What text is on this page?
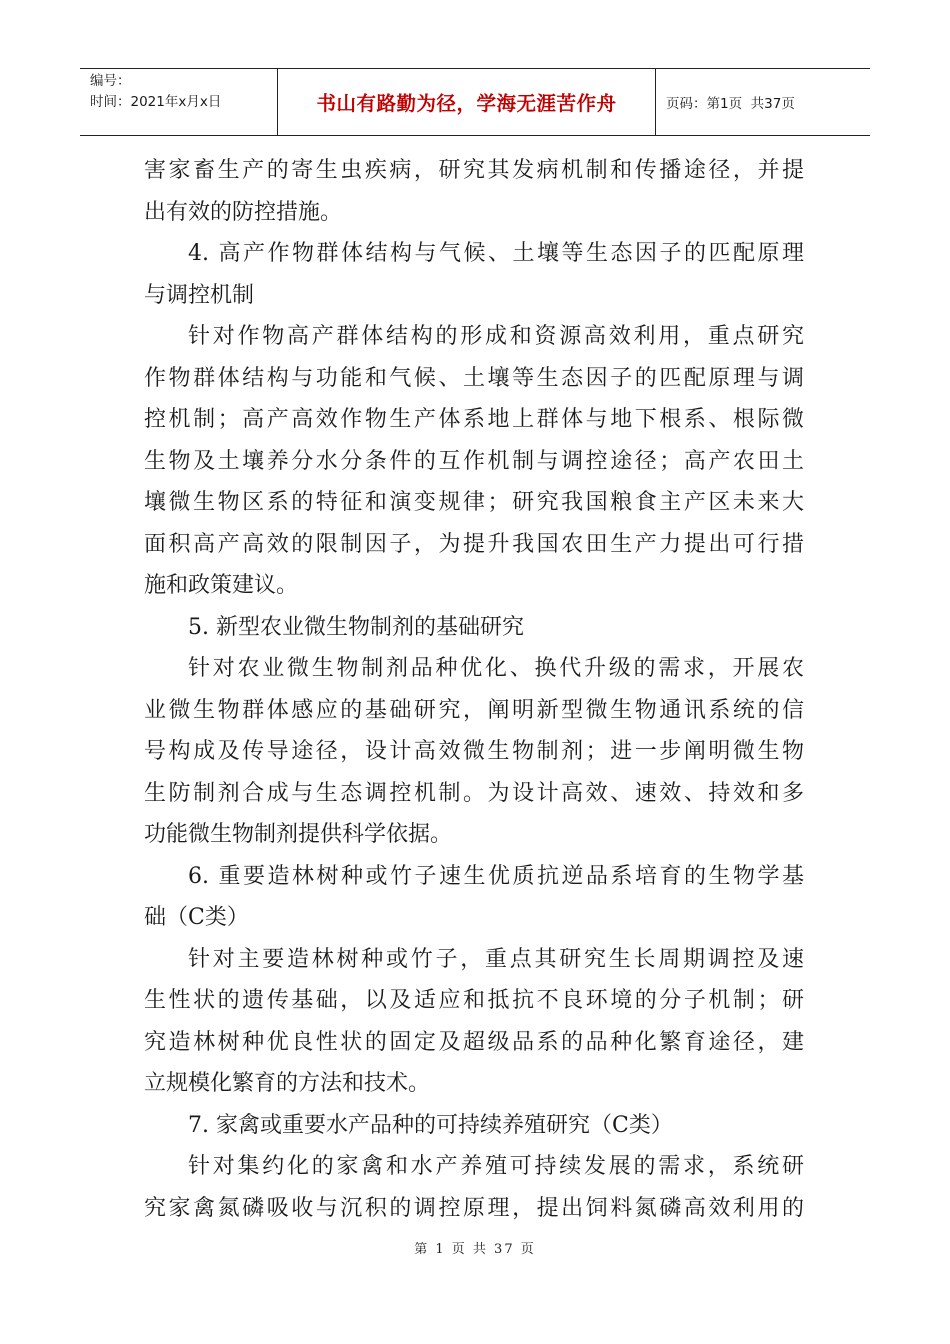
编号：
时间：2021年x月x日	书山有路勤为径，学海无涯苦作舟	页码：第1页  共37页
害家畜生产的寄生虫疾病，研究其发病机制和传播途径，并提
出有效的防控措施。
4. 高产作物群体结构与气候、土壤等生态因子的匹配原理
与调控机制
针对作物高产群体结构的形成和资源高效利用，重点研究
作物群体结构与功能和气候、土壤等生态因子的匹配原理与调
控机制；高产高效作物生产体系地上群体与地下根系、根际微
生物及土壤养分水分条件的互作机制与调控途径；高产农田土
壤微生物区系的特征和演变规律；研究我国粮食主产区未来大
面积高产高效的限制因子，为提升我国农田生产力提出可行措
施和政策建议。
5. 新型农业微生物制剂的基础研究
针对农业微生物制剂品种优化、换代升级的需求，开展农
业微生物群体感应的基础研究，阐明新型微生物通讯系统的信
号构成及传导途径，设计高效微生物制剂；进一步阐明微生物
生防制剂合成与生态调控机制。为设计高效、速效、持效和多
功能微生物制剂提供科学依据。
6. 重要造林树种或竹子速生优质抗逆品系培育的生物学基
础（C类）
针对主要造林树种或竹子，重点其研究生长周期调控及速
生性状的遗传基础，以及适应和抵抗不良环境的分子机制；研
究造林树种优良性状的固定及超级品系的品种化繁育途径，建
立规模化繁育的方法和技术。
7. 家禽或重要水产品种的可持续养殖研究（C类）
针对集约化的家禽和水产养殖可持续发展的需求，系统研
究家禽氮磷吸收与沉积的调控原理，提出饲料氮磷高效利用的
第 1 页 共 37 页
